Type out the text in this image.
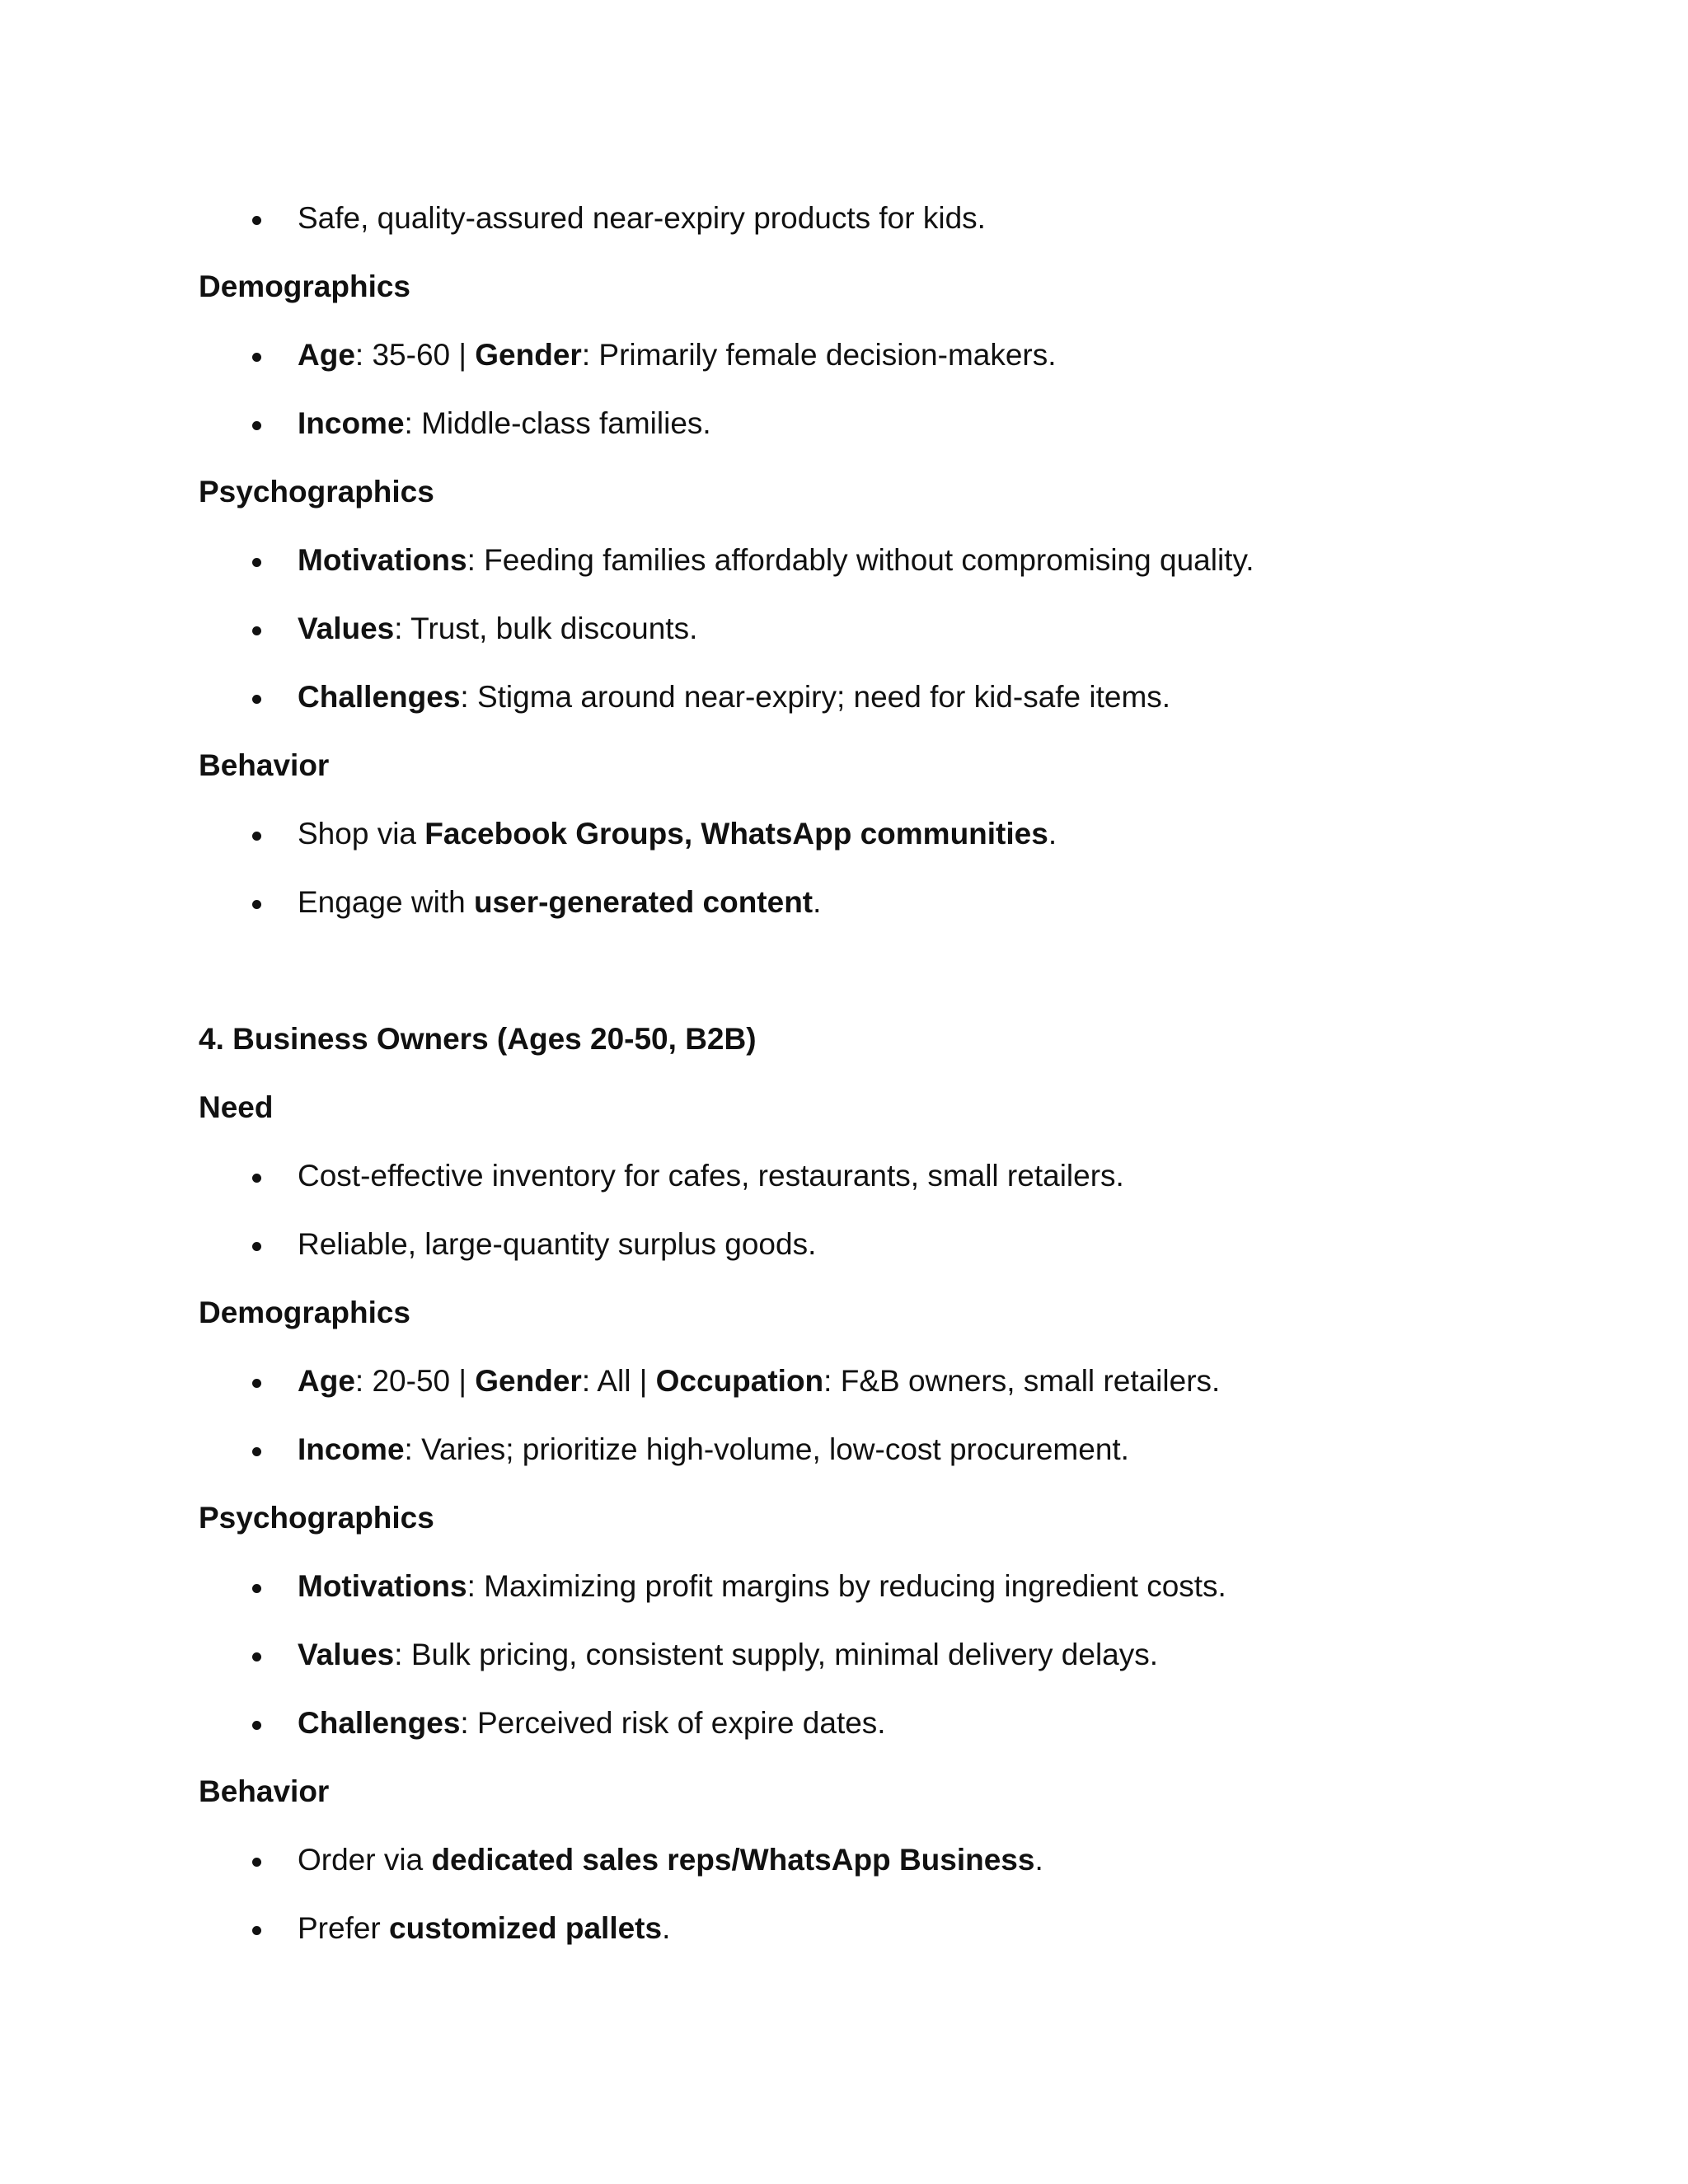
Safe, quality-assured near-expiry products for kids.
Demographics
Age: 35-60 | Gender: Primarily female decision-makers.
Income: Middle-class families.
Psychographics
Motivations: Feeding families affordably without compromising quality.
Values: Trust, bulk discounts.
Challenges: Stigma around near-expiry; need for kid-safe items.
Behavior
Shop via Facebook Groups, WhatsApp communities.
Engage with user-generated content.
4. Business Owners (Ages 20-50, B2B)
Need
Cost-effective inventory for cafes, restaurants, small retailers.
Reliable, large-quantity surplus goods.
Demographics
Age: 20-50 | Gender: All | Occupation: F&B owners, small retailers.
Income: Varies; prioritize high-volume, low-cost procurement.
Psychographics
Motivations: Maximizing profit margins by reducing ingredient costs.
Values: Bulk pricing, consistent supply, minimal delivery delays.
Challenges: Perceived risk of expire dates.
Behavior
Order via dedicated sales reps/WhatsApp Business.
Prefer customized pallets.
